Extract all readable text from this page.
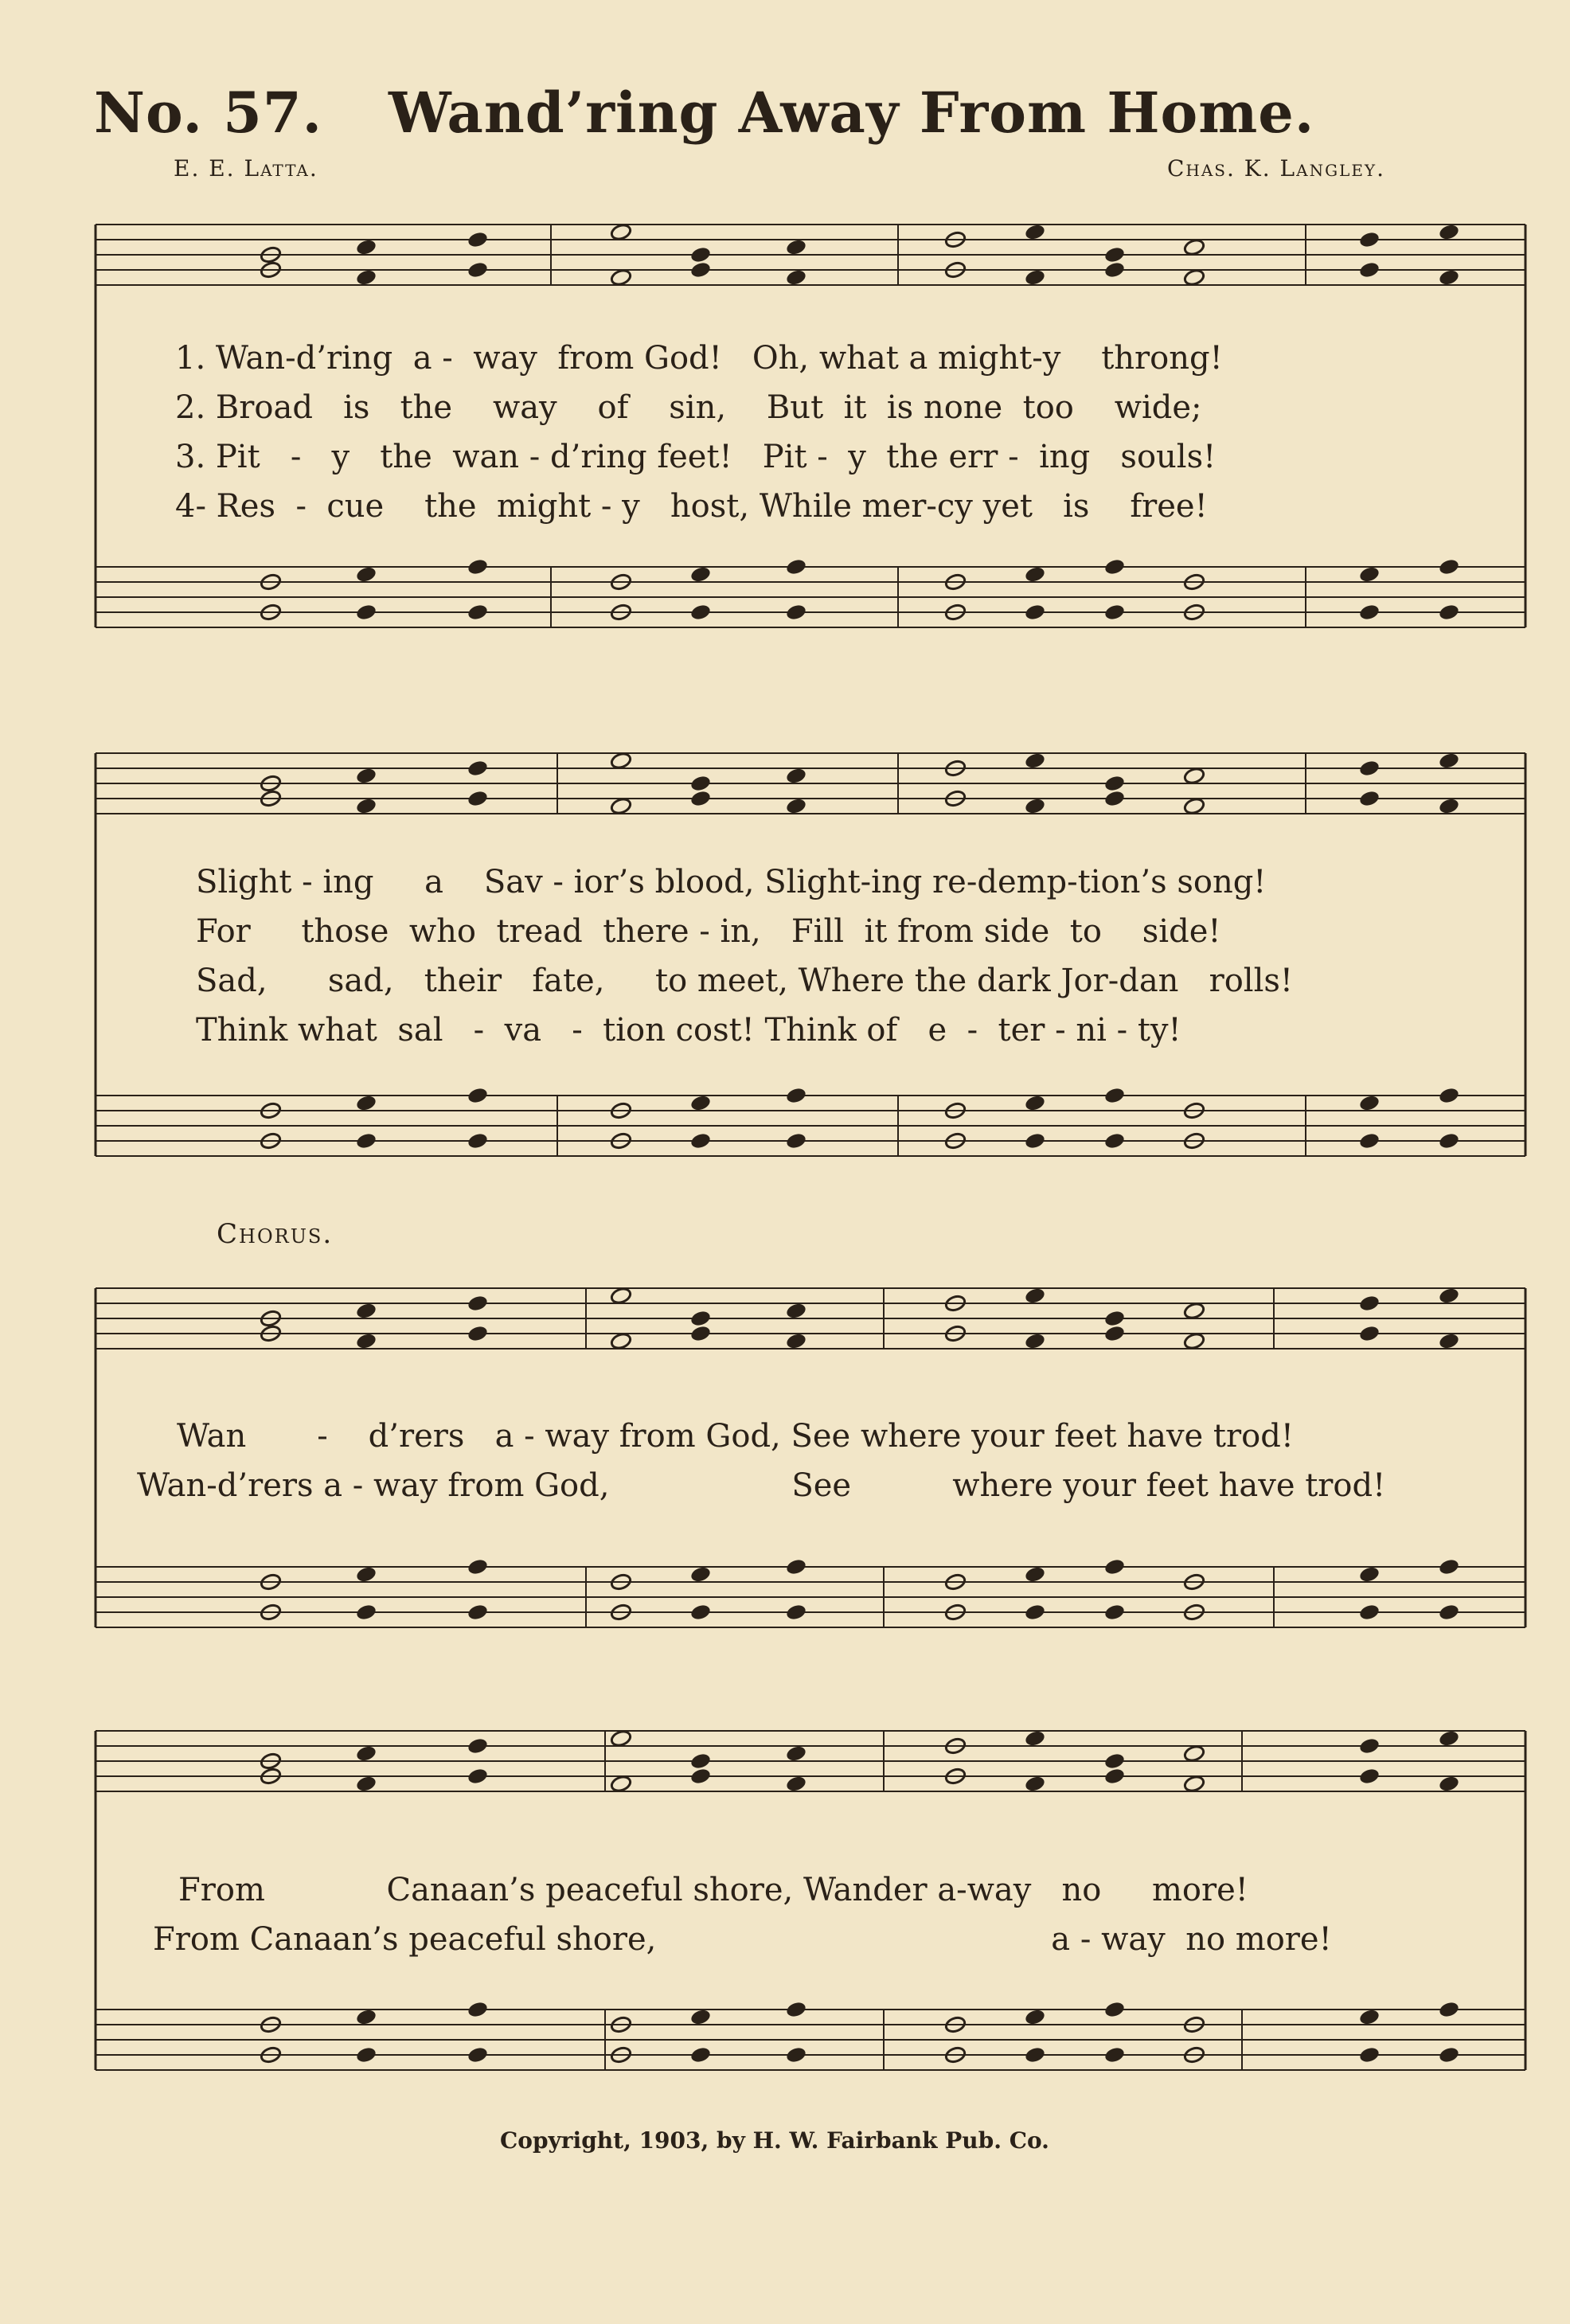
No. 57. Wand’ring Away From Home.
E. E. Latta.	Chas. K. Langley.
1. Wan-d’ring a - way from God! Oh, what a might-y throng!
2. Broad is the way of sin, But it is none too wide;
3. Pit - y the wan - d’ring feet! Pit - y the err - ing souls!
4- Res - cue the might - y host, While mer-cy yet is free!
Slight - ing a Sav - ior’s blood, Slight-ing re-demp-tion’s song!
For those who tread there - in, Fill it from side to side!
Sad, sad, their fate, to meet, Where the dark Jor-dan rolls!
Think what sal - va - tion cost! Think of e - ter - ni - ty!
Chorus.
Wan - d’rers a - way from God, See where your feet have trod!
Wan-d’rers a - way from God,	See	where your feet have trod!
From	Canaan’s peaceful shore, Wander a-way no more!
From Canaan’s peaceful shore,	a - way no more!
Copyright, 1903, by H. W. Fairbank Pub. Co.
